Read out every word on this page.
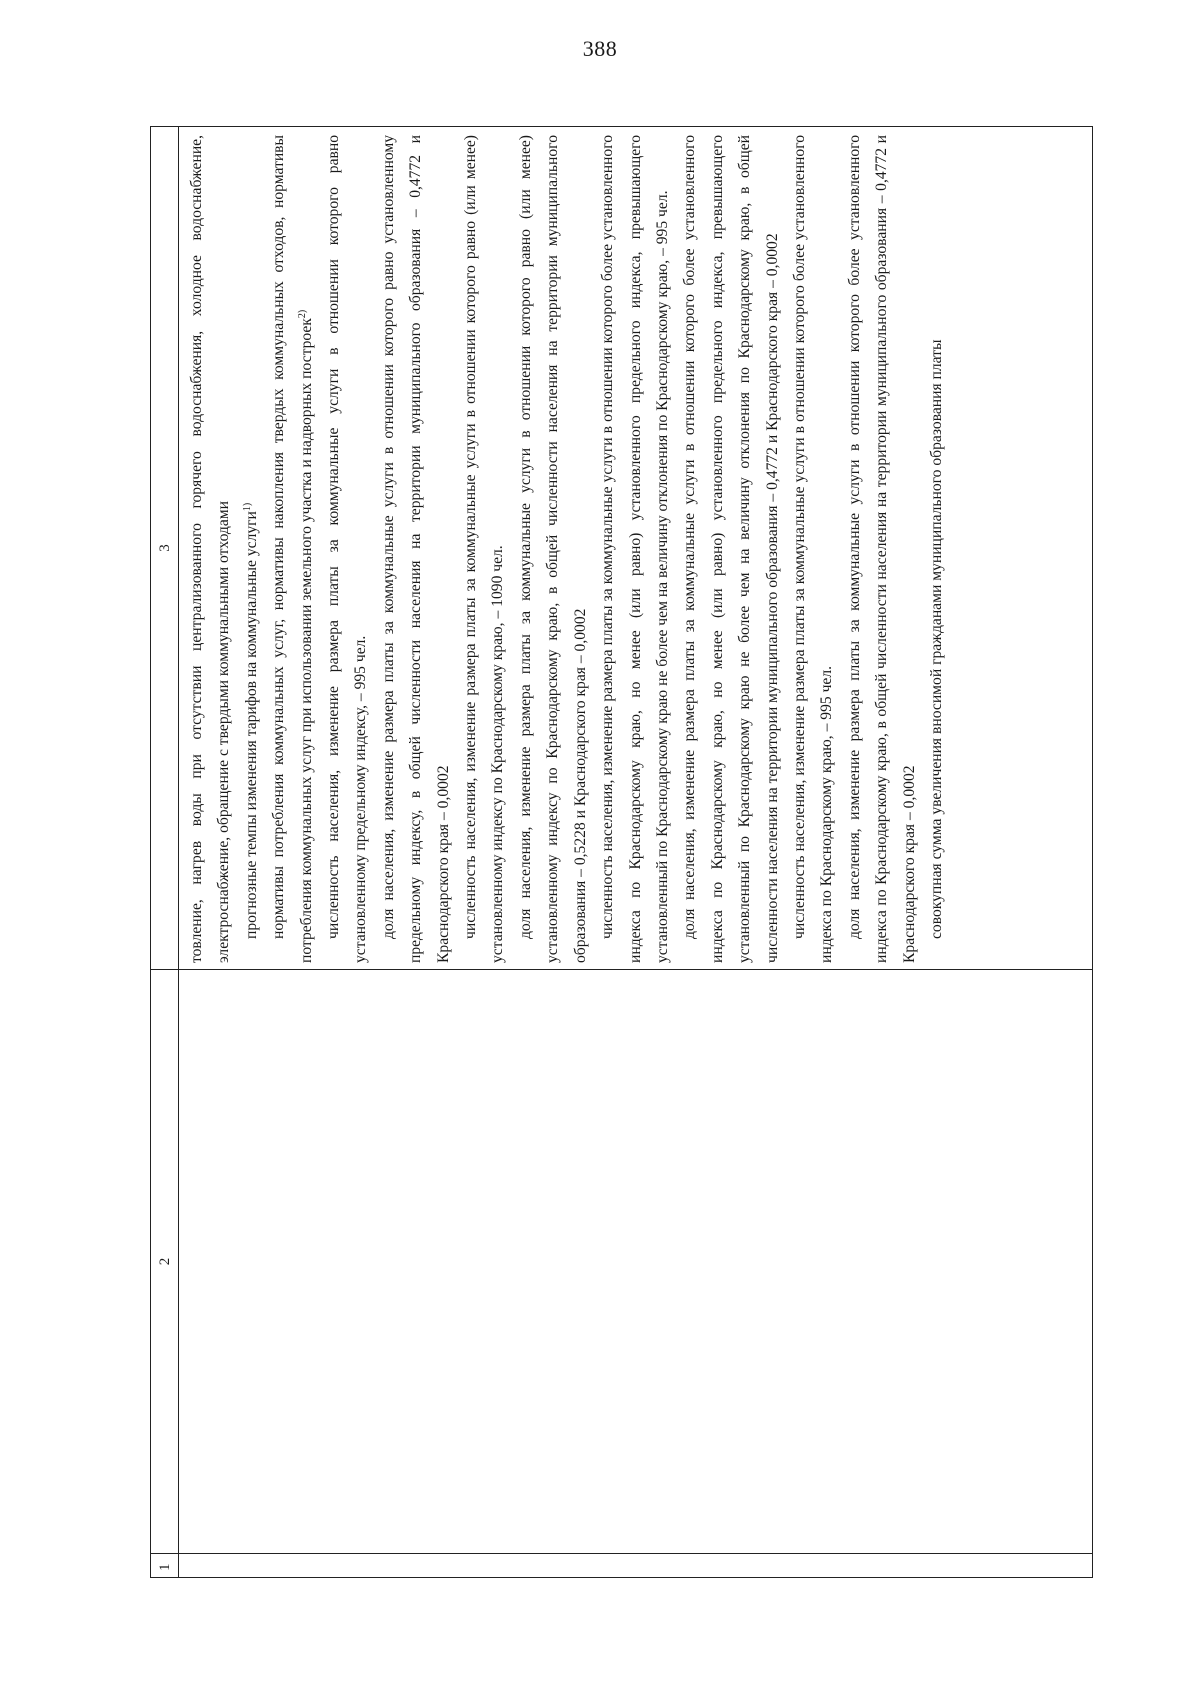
388
1
2
3 товление, нагрев воды при отсутствии централизованного горячего водоснабжения, холодное водоснабжение, электроснабжение, обращение с твердыми коммунальными отходами прогнозные темпы изменения тарифов на коммунальные услуги$^{1)}$	нормативы потребления коммунальных услуг, нормативы накопления твердых коммунальных отходов, нормативы потребления коммунальных услуг при использовании земельного участка и надворных построек$^{2)}$	численность населения, изменение размера платы за коммунальные услуги в отношении которого равно установленному предельному индексу, – 995 чел. доля населения, изменение размера платы за коммунальные услуги в отношении которого равно установленному предельному индексу, в общей численности населения на территории муниципального образования – 0,4772 и Краснодарского края – 0,0002 численность населения, изменение размера платы за коммунальные услуги в отношении которого равно (или менее) установленному индексу по Краснодарскому краю, – 1090 чел. доля населения, изменение размера платы за коммунальные услуги в отношении которого равно (или менее) установленному индексу по Краснодарскому краю, в общей численности населения на территории муниципального образования – 0,5228 и Краснодарского края – 0,0002 численность населения, изменение размера платы за коммунальные услуги в отношении которого более установленного индекса по Краснодарскому краю, но менее (или равно) установленного предельного индекса, превышающего установленный по Краснодарскому краю не более чем на величину отклонения по Краснодарскому краю, – 995 чел. доля населения, изменение размера платы за коммунальные услуги в отношении которого более установленного индекса по Краснодарскому краю, но менее (или равно) установленного предельного индекса, превышающего установленный по Краснодарскому краю не более чем на величину отклонения по Краснодарскому краю, в общей численности населения на территории муниципального образования – 0,4772 и Краснодарского края – 0,0002 численность населения, изменение размера платы за коммунальные услуги в отношении которого более установленного индекса по Краснодарскому краю, – 995 чел. доля населения, изменение размера платы за коммунальные услуги в отношении которого более установленного индекса по Краснодарскому краю, в общей численности населения на территории муниципального образования – 0,4772 и Краснодарского края – 0,0002 совокупная сумма увеличения вносимой гражданами муниципального образования платы
